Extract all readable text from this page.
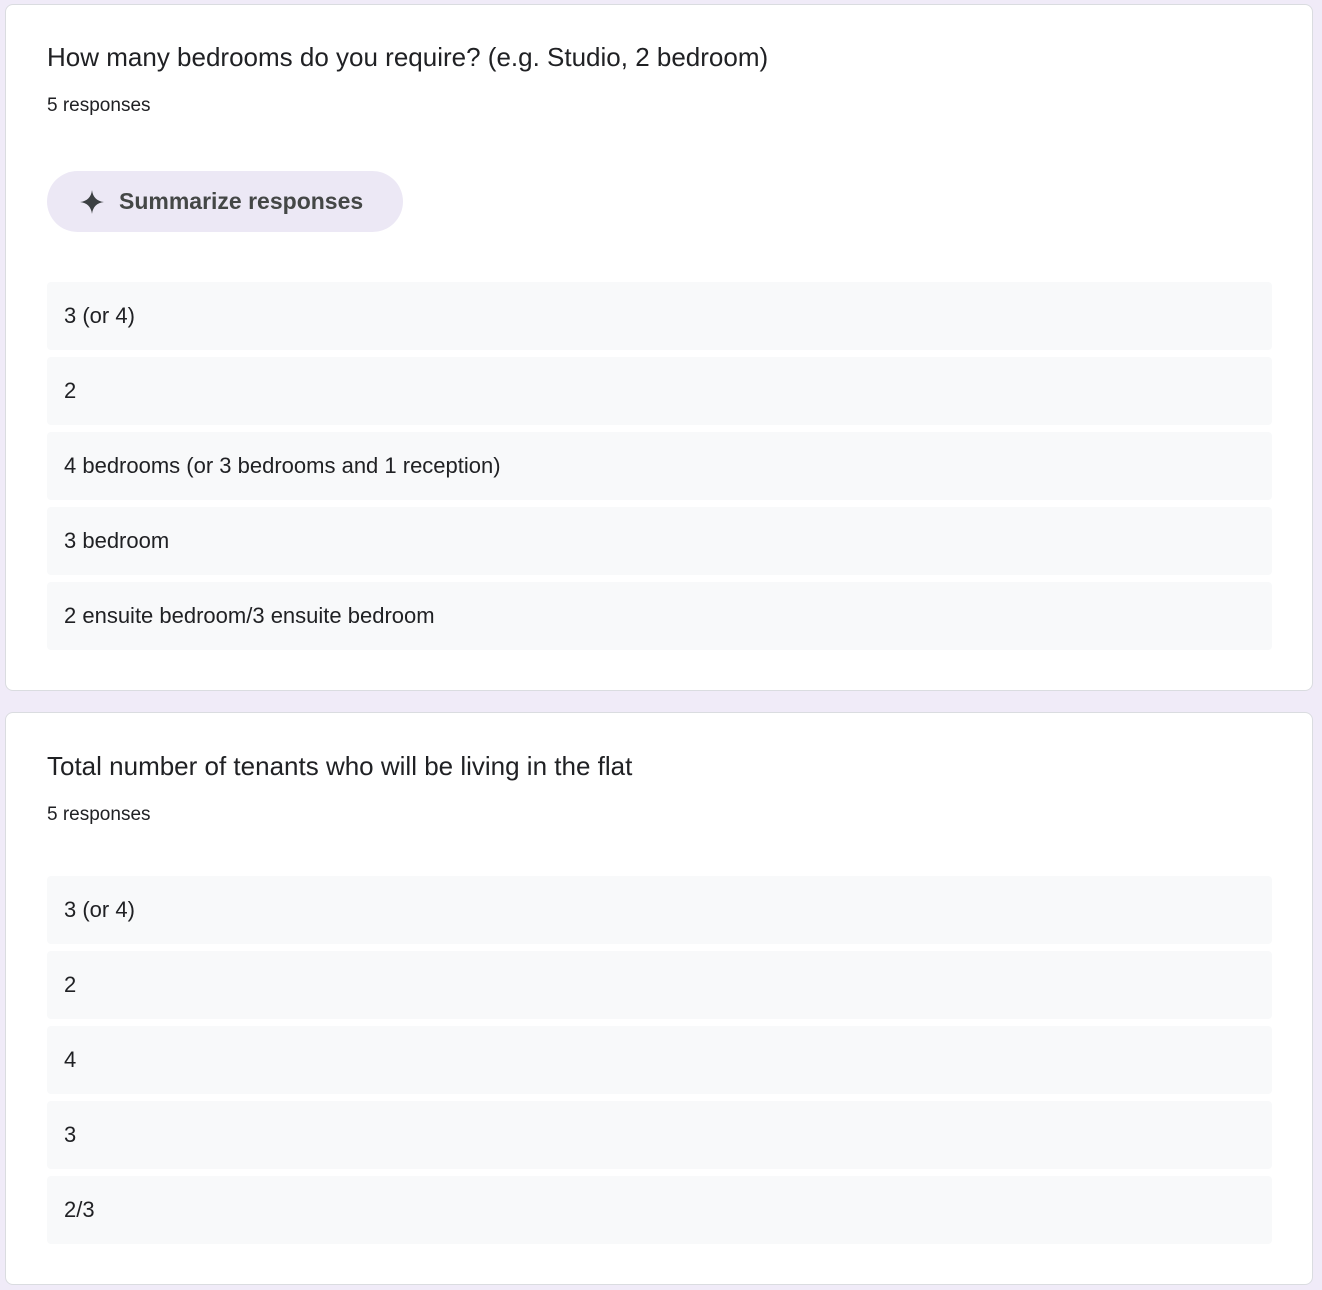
How many bedrooms do you require? (e.g. Studio, 2 bedroom)
5 responses
Summarize responses
3 (or 4)
2
4 bedrooms (or 3 bedrooms and 1 reception)
3 bedroom
2 ensuite bedroom/3 ensuite bedroom
Total number of tenants who will be living in the flat
5 responses
3 (or 4)
2
4
3
2/3
